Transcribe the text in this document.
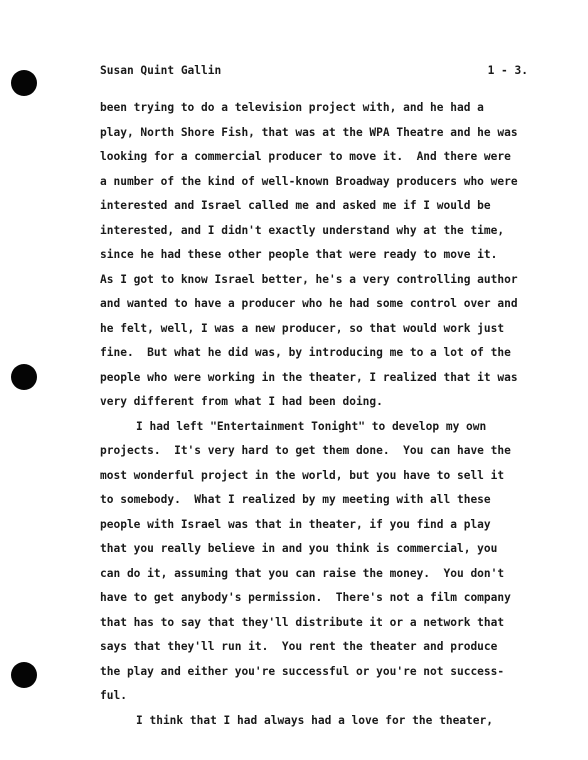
Susan Quint Gallin	1 - 3.
been trying to do a television project with, and he had a
play, North Shore Fish, that was at the WPA Theatre and he was
looking for a commercial producer to move it.  And there were
a number of the kind of well-known Broadway producers who were
interested and Israel called me and asked me if I would be
interested, and I didn't exactly understand why at the time,
since he had these other people that were ready to move it.
As I got to know Israel better, he's a very controlling author
and wanted to have a producer who he had some control over and
he felt, well, I was a new producer, so that would work just
fine.  But what he did was, by introducing me to a lot of the
people who were working in the theater, I realized that it was
very different from what I had been doing.
I had left "Entertainment Tonight" to develop my own
projects.  It's very hard to get them done.  You can have the
most wonderful project in the world, but you have to sell it
to somebody.  What I realized by my meeting with all these
people with Israel was that in theater, if you find a play
that you really believe in and you think is commercial, you
can do it, assuming that you can raise the money.  You don't
have to get anybody's permission.  There's not a film company
that has to say that they'll distribute it or a network that
says that they'll run it.  You rent the theater and produce
the play and either you're successful or you're not success-
ful.
I think that I had always had a love for the theater,
